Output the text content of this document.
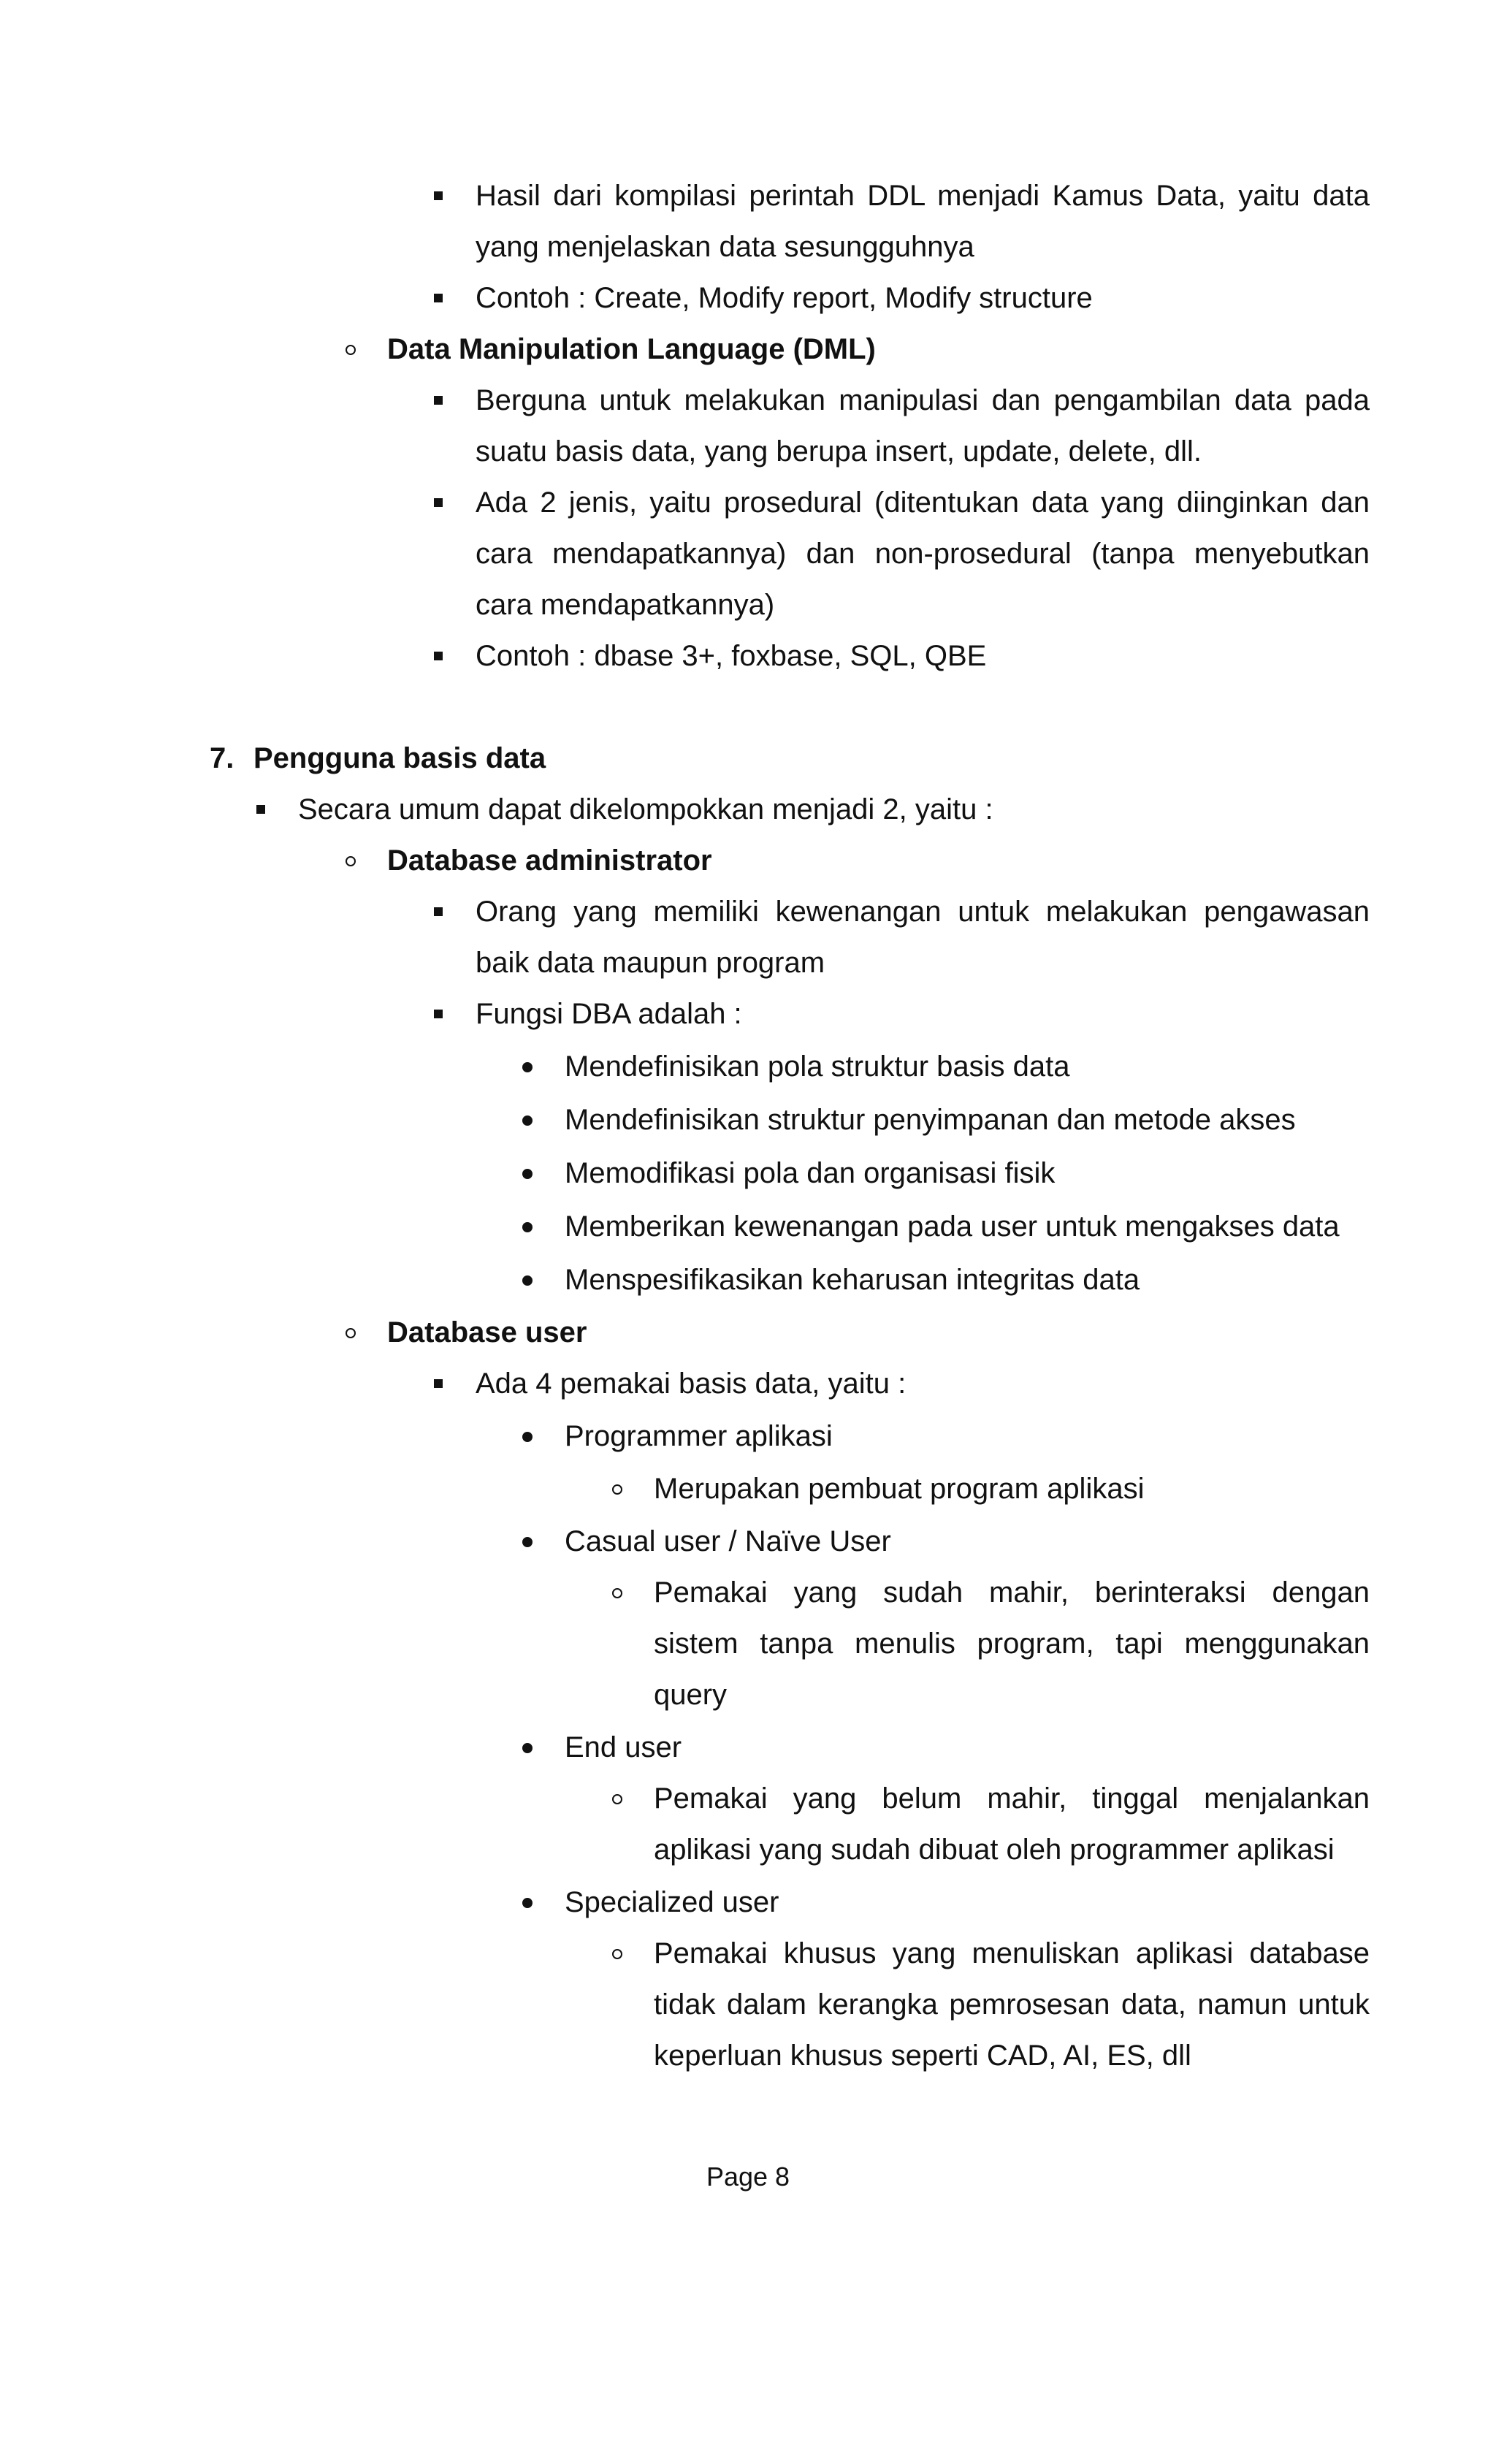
Hasil dari kompilasi perintah DDL menjadi Kamus Data, yaitu data
yang menjelaskan data sesungguhnya
Contoh : Create, Modify report, Modify structure
Data Manipulation Language (DML)
Berguna untuk melakukan manipulasi dan pengambilan data pada
suatu basis data, yang berupa insert, update, delete, dll.
Ada 2 jenis, yaitu prosedural (ditentukan data yang diinginkan dan
cara mendapatkannya) dan non-prosedural (tanpa menyebutkan
cara mendapatkannya)
Contoh : dbase 3+, foxbase, SQL, QBE
7. Pengguna basis data
Secara umum dapat dikelompokkan menjadi 2, yaitu :
Database administrator
Orang yang memiliki kewenangan untuk melakukan pengawasan
baik data maupun program
Fungsi DBA adalah :
Mendefinisikan pola struktur basis data
Mendefinisikan struktur penyimpanan dan metode akses
Memodifikasi pola dan organisasi fisik
Memberikan kewenangan pada user untuk mengakses data
Menspesifikasikan keharusan integritas data
Database user
Ada 4 pemakai basis data, yaitu :
Programmer aplikasi
Merupakan pembuat program aplikasi
Casual user / Naïve User
Pemakai yang sudah mahir, berinteraksi dengan
sistem tanpa menulis program, tapi menggunakan
query
End user
Pemakai yang belum mahir, tinggal menjalankan
aplikasi yang sudah dibuat oleh programmer aplikasi
Specialized user
Pemakai khusus yang menuliskan aplikasi database
tidak dalam kerangka pemrosesan data, namun untuk
keperluan khusus seperti CAD, AI, ES, dll
Page 8
